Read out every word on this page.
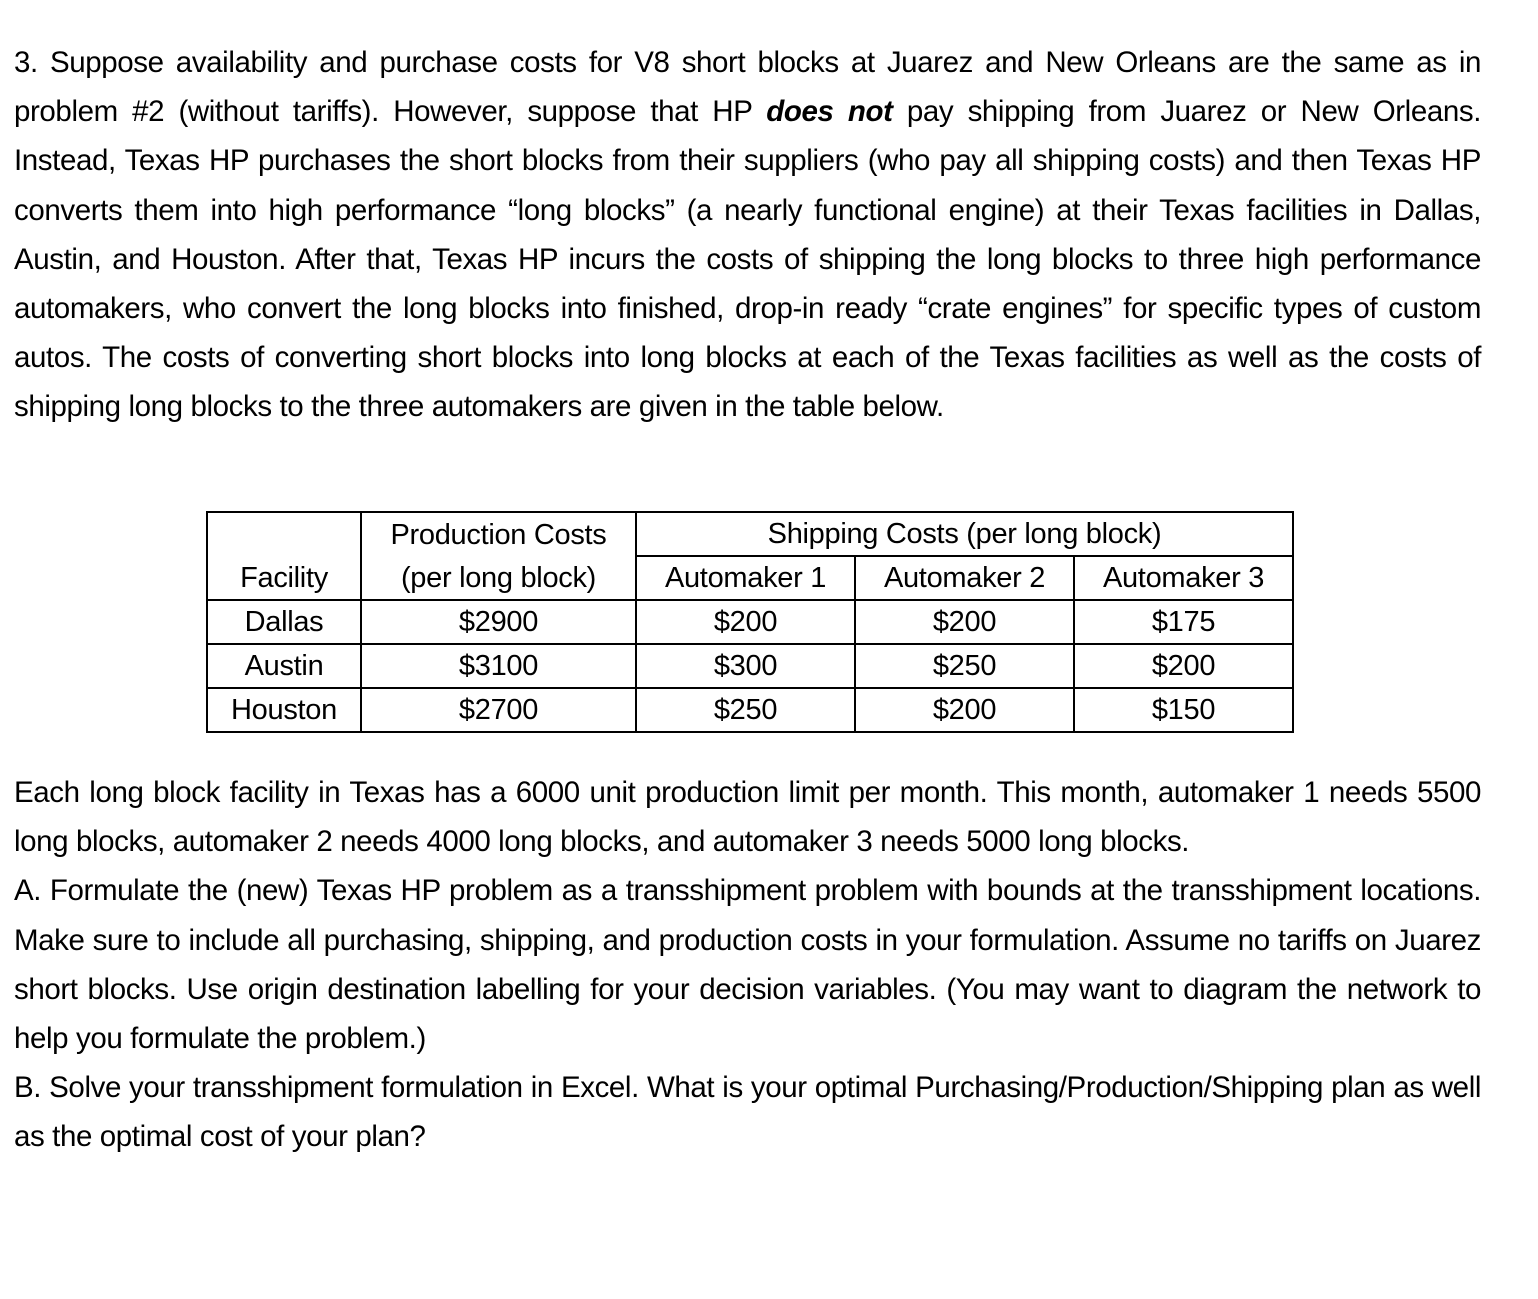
3. Suppose availability and purchase costs for V8 short blocks at Juarez and New Orleans are the same as in problem #2 (without tariffs). However, suppose that HP does not pay shipping from Juarez or New Orleans. Instead, Texas HP purchases the short blocks from their suppliers (who pay all shipping costs) and then Texas HP converts them into high performance “long blocks” (a nearly functional engine) at their Texas facilities in Dallas, Austin, and Houston. After that, Texas HP incurs the costs of shipping the long blocks to three high performance automakers, who convert the long blocks into finished, drop-in ready “crate engines” for specific types of custom autos. The costs of converting short blocks into long blocks at each of the Texas facilities as well as the costs of shipping long blocks to the three automakers are given in the table below.

	Production Costs	Shipping Costs (per long block)		
Facility	(per long block)	Automaker 1	Automaker 2	Automaker 3
Dallas	$2900	$200	$200	$175
Austin	$3100	$300	$250	$200
Houston	$2700	$250	$200	$150

Each long block facility in Texas has a 6000 unit production limit per month. This month, automaker 1 needs 5500 long blocks, automaker 2 needs 4000 long blocks, and automaker 3 needs 5000 long blocks.

A. Formulate the (new) Texas HP problem as a transshipment problem with bounds at the transshipment locations. Make sure to include all purchasing, shipping, and production costs in your formulation. Assume no tariffs on Juarez short blocks. Use origin destination labelling for your decision variables. (You may want to diagram the network to help you formulate the problem.)

B. Solve your transshipment formulation in Excel. What is your optimal Purchasing/Production/Shipping plan as well as the optimal cost of your plan?
